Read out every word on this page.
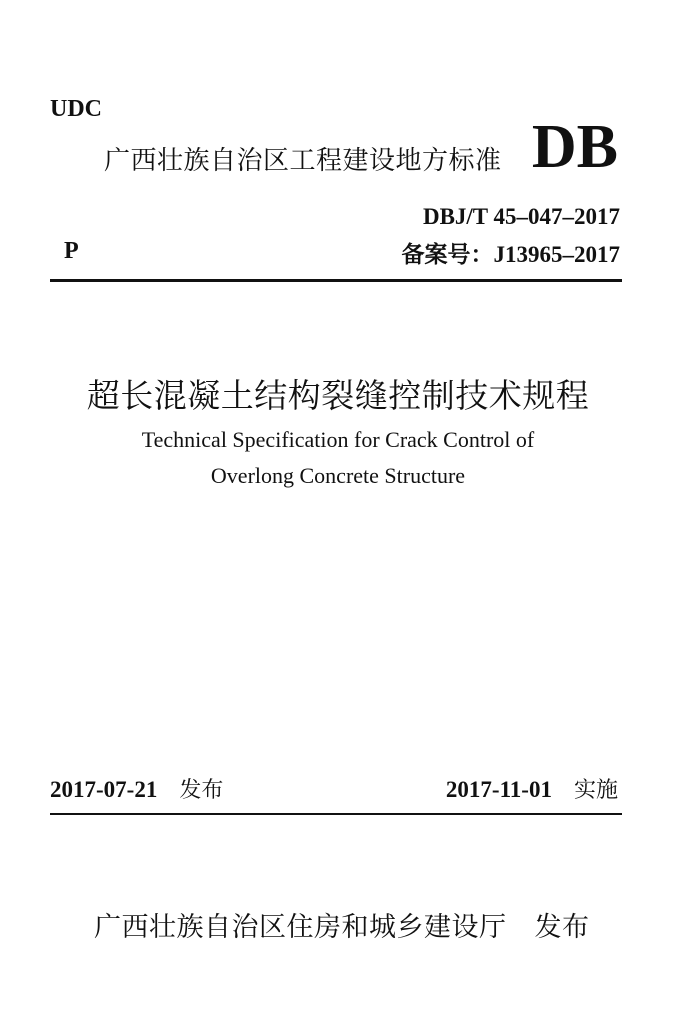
UDC
广西壮族自治区工程建设地方标准 DB
P
DBJ/T 45–047–2017
备案号：J13965–2017
超长混凝土结构裂缝控制技术规程
Technical Specification for Crack Control of
Overlong Concrete Structure
2017-07-21 发布	2017-11-01 实施
广西壮族自治区住房和城乡建设厅 发布
